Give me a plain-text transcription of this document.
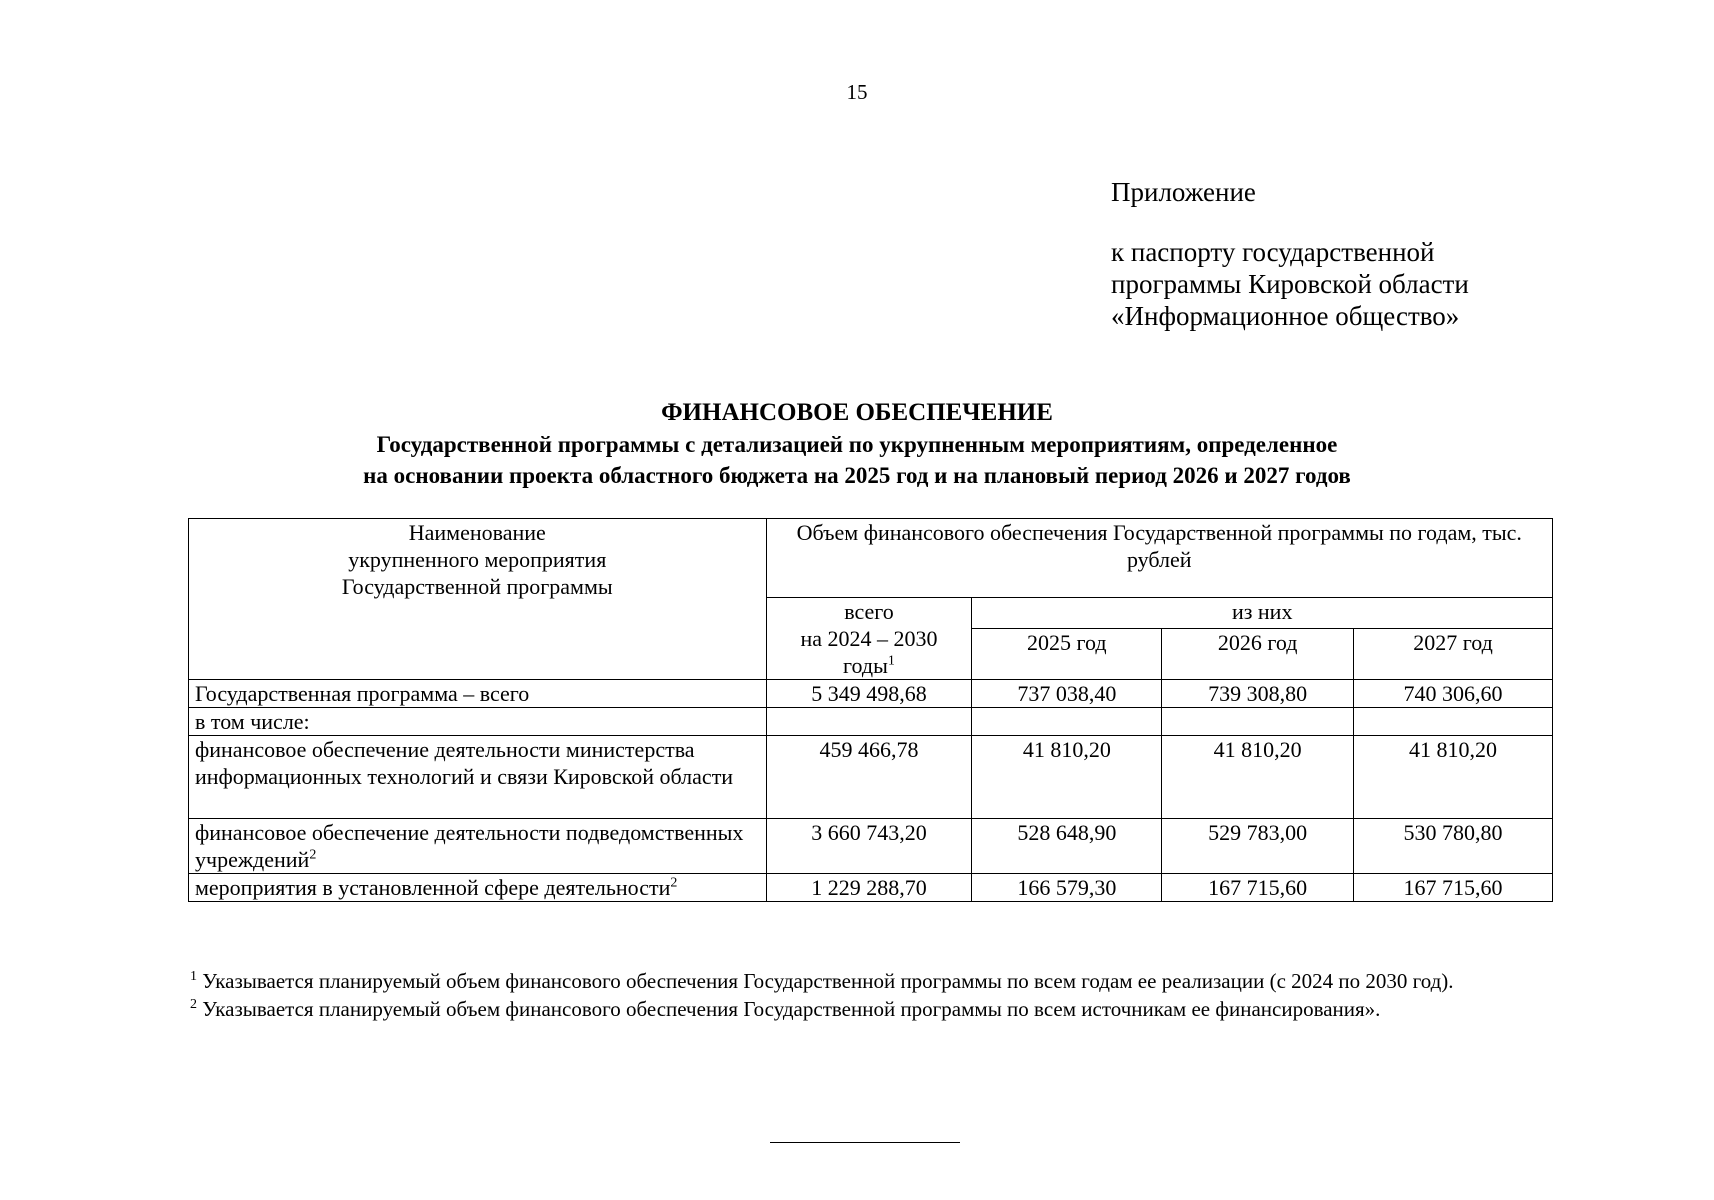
15
Приложение
к паспорту государственной
программы Кировской области
«Информационное общество»
ФИНАНСОВОЕ ОБЕСПЕЧЕНИЕ
Государственной программы с детализацией по укрупненным мероприятиям, определенное
на основании проекта областного бюджета на 2025 год и на плановый период 2026 и 2027 годов
Наименование
укрупненного мероприятия
Государственной программы	Объем финансового обеспечения Государственной программы по годам, тыс. рублей			

	всего
на 2024 – 2030
годы$^1$	из них		
		2025 год	2026 год	2027 год
Государственная программа – всего	5 349 498,68	737 038,40	739 308,80	740 306,60
в том числе:				
финансовое обеспечение деятельности министерства информационных технологий и связи Кировской области	459 466,78	41 810,20	41 810,20	41 810,20
финансовое обеспечение деятельности подведомственных учреждений$^2$	3 660 743,20	528 648,90	529 783,00	530 780,80
мероприятия в установленной сфере деятельности$^2$	1 229 288,70	166 579,30	167 715,60	167 715,60

$^1$ Указывается планируемый объем финансового обеспечения Государственной программы по всем годам ее реализации (с 2024 по 2030 год).

$^2$ Указывается планируемый объем финансового обеспечения Государственной программы по всем источникам ее финансирования».
